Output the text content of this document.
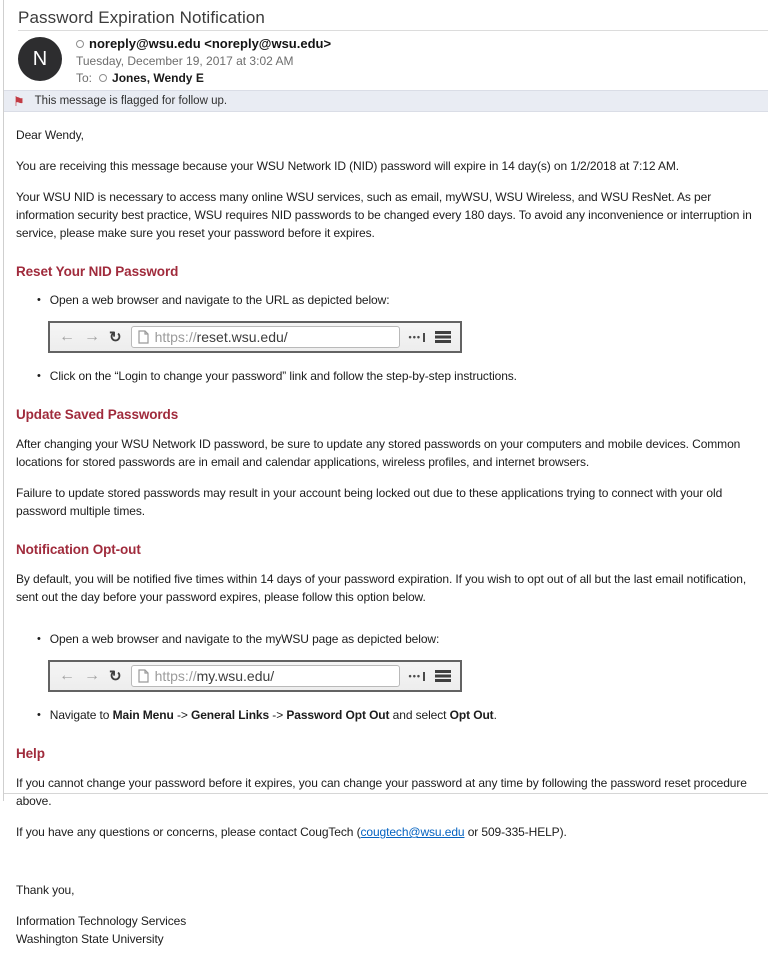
Password Expiration Notification
N
noreply@wsu.edu <noreply@wsu.edu>
Tuesday, December 19, 2017 at 3:02 AM
To: Jones, Wendy E
⚑ This message is flagged for follow up.

Dear Wendy,

You are receiving this message because your WSU Network ID (NID) password will expire in 14 day(s) on 1/2/2018 at 7:12 AM.

Your WSU NID is necessary to access many online WSU services, such as email, myWSU, WSU Wireless, and WSU ResNet. As per information security best practice, WSU requires NID passwords to be changed every 180 days. To avoid any inconvenience or interruption in service, please make sure you reset your password before it expires.

Reset Your NID Password
•
Open a web browser and navigate to the URL as depicted below:
← → ↻ https://reset.wsu.edu/	•••
•
Click on the “Login to change your password” link and follow the step-by-step instructions.
Update Saved Passwords

After changing your WSU Network ID password, be sure to update any stored passwords on your computers and mobile devices. Common locations for stored passwords are in email and calendar applications, wireless profiles, and internet browsers.

Failure to update stored passwords may result in your account being locked out due to these applications trying to connect with your old password multiple times.

Notification Opt-out

By default, you will be notified five times within 14 days of your password expiration. If you wish to opt out of all but the last email notification, sent out the day before your password expires, please follow this option below.

•
Open a web browser and navigate to the myWSU page as depicted below:
← → ↻ https://my.wsu.edu/	•••
•
Navigate to Main Menu -> General Links -> Password Opt Out and select Opt Out.
Help

If you cannot change your password before it expires, you can change your password at any time by following the password reset procedure above.

If you have any questions or concerns, please contact CougTech (cougtech@wsu.edu or 509-335-HELP).

Thank you,

Information Technology Services
Washington State University
